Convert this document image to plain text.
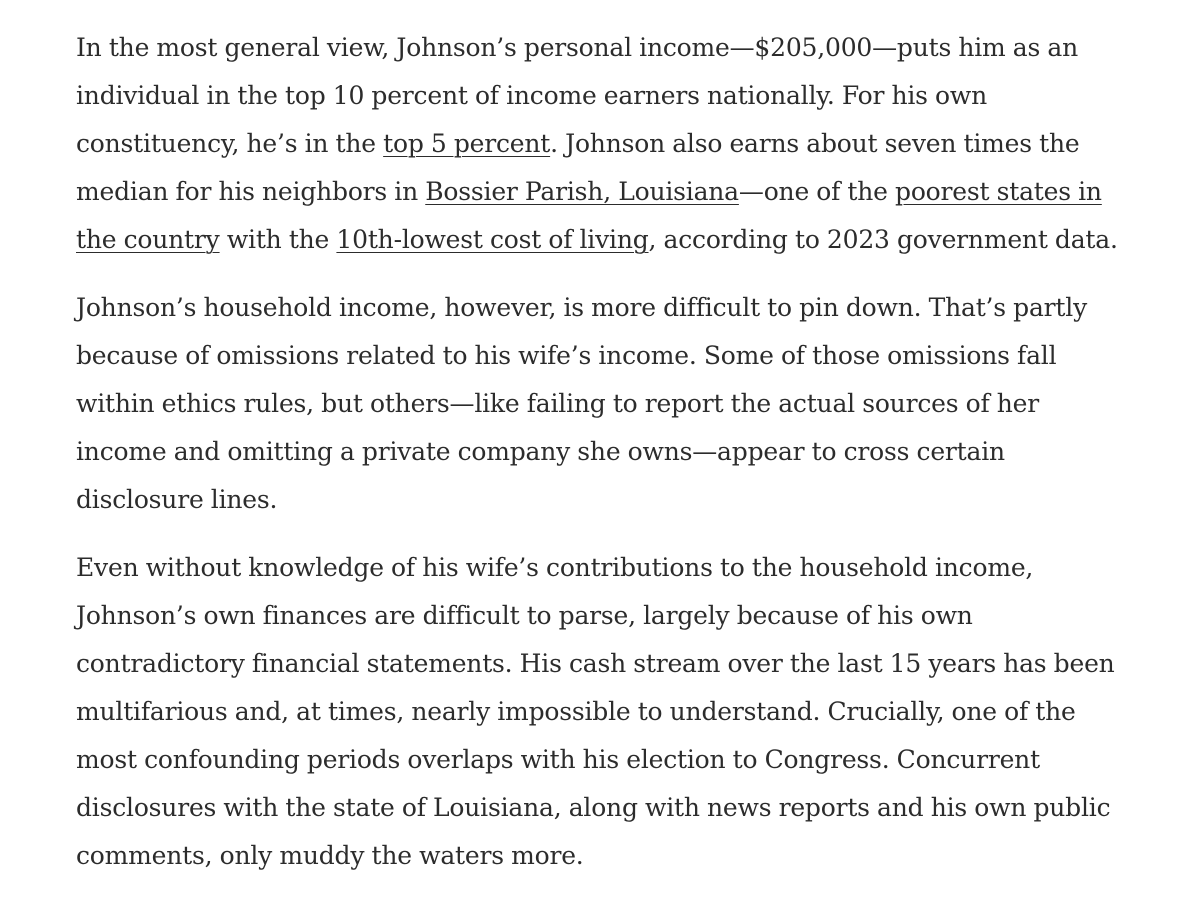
In the most general view, Johnson’s personal income—$205,000—puts him as an
individual in the top 10 percent of income earners nationally. For his own
constituency, he’s in the top 5 percent. Johnson also earns about seven times the
median for his neighbors in Bossier Parish, Louisiana—one of the poorest states in
the country with the 10th-lowest cost of living, according to 2023 government data.

Johnson’s household income, however, is more difficult to pin down. That’s partly
because of omissions related to his wife’s income. Some of those omissions fall
within ethics rules, but others—like failing to report the actual sources of her
income and omitting a private company she owns—appear to cross certain
disclosure lines.

Even without knowledge of his wife’s contributions to the household income,
Johnson’s own finances are difficult to parse, largely because of his own
contradictory financial statements. His cash stream over the last 15 years has been
multifarious and, at times, nearly impossible to understand. Crucially, one of the
most confounding periods overlaps with his election to Congress. Concurrent
disclosures with the state of Louisiana, along with news reports and his own public
comments, only muddy the waters more.
